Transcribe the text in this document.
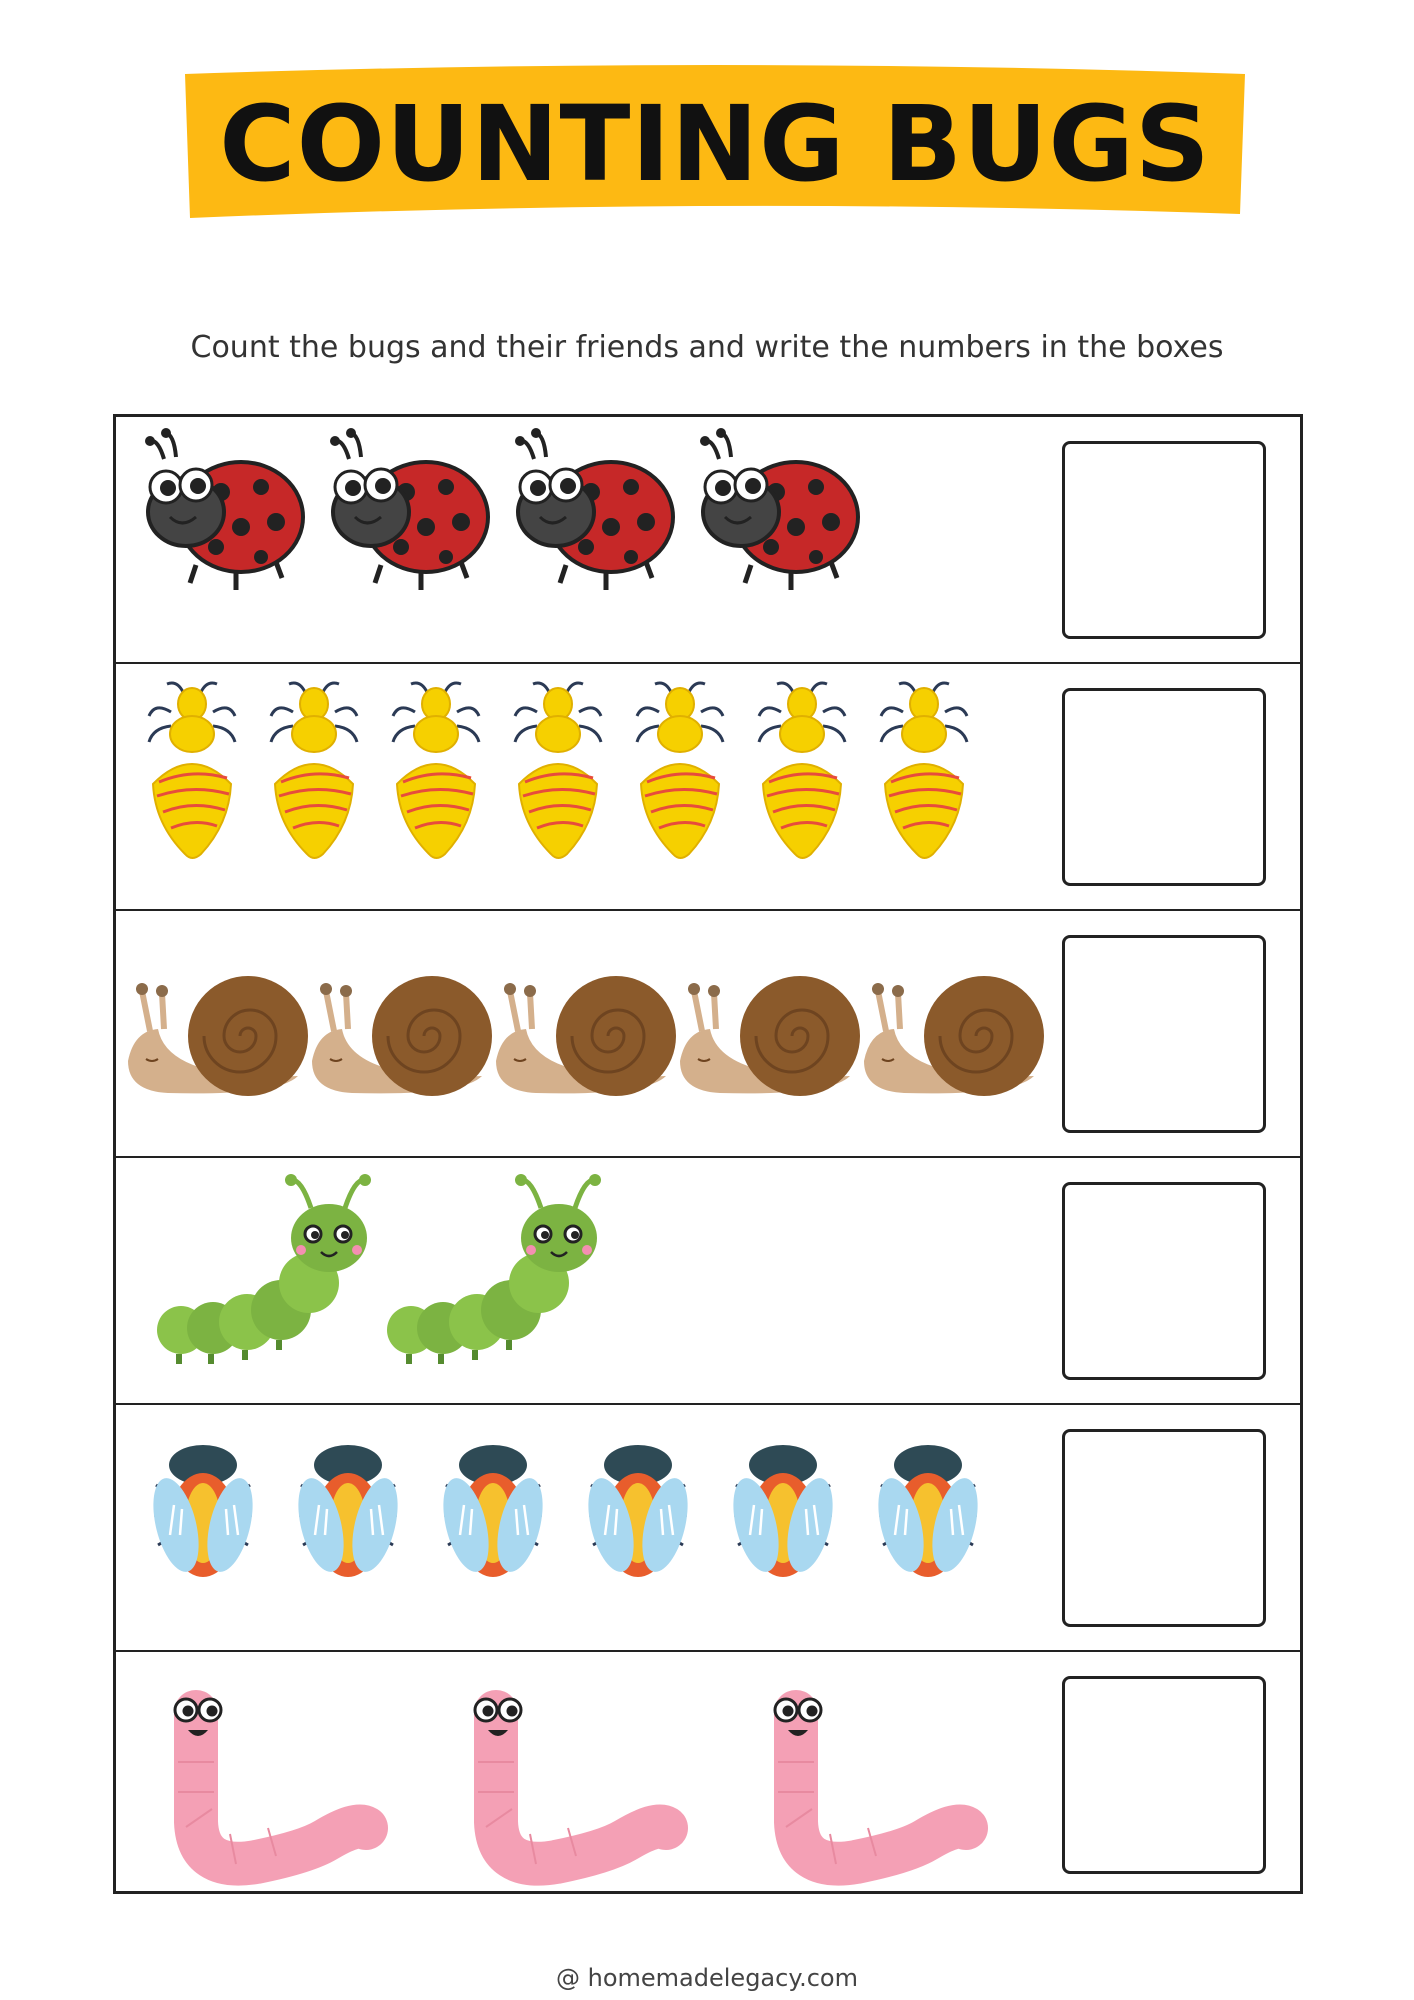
COUNTING BUGS
Count the bugs and their friends and write the numbers in the boxes
@ homemadelegacy.com
